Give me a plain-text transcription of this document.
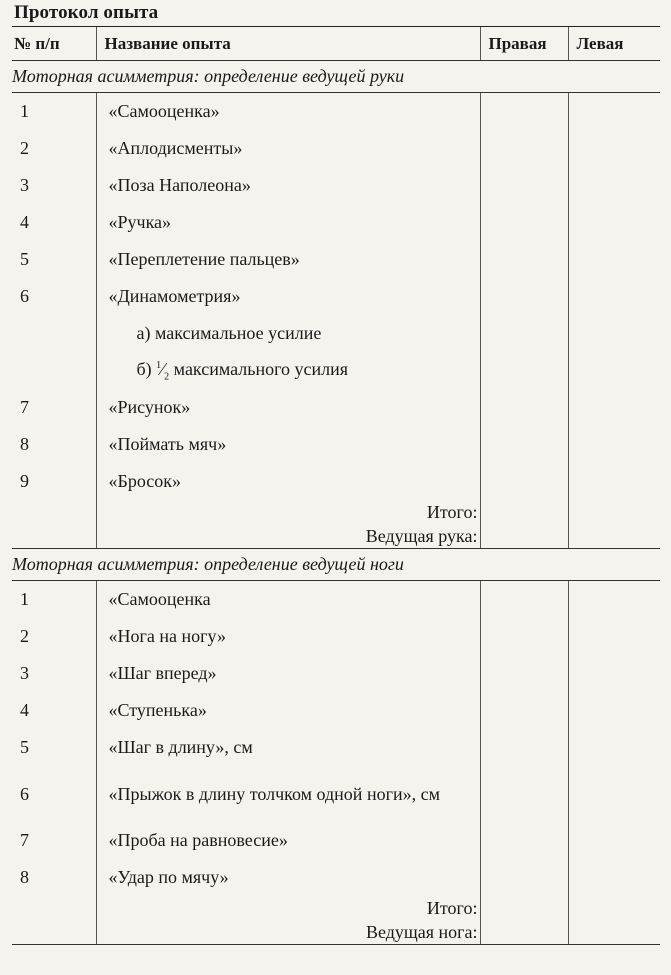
Протокол опыта
№ п/п	Название опыта	Правая	Левая
Моторная асимметрия: определение ведущей руки			
1	«Самооценка»		
2	«Аплодисменты»		
3	«Поза Наполеона»		
4	«Ручка»		
5	«Переплетение пальцев»		
6	«Динамометрия»		
	а) максимальное усилие		
	б) $^1⁄_2$ максимального усилия		
7	«Рисунок»		
8	«Поймать мяч»		
9	«Бросок»		
	Итого:		
	Ведущая рука:		
Моторная асимметрия: определение ведущей ноги			
1	«Самооценка		
2	«Нога на ногу»		
3	«Шаг вперед»		
4	«Ступенька»		
5	«Шаг в длину», см		
6	«Прыжок в длину толчком одной ноги», см		
7	«Проба на равновесие»		
8	«Удар по мячу»		
	Итого:		
	Ведущая нога:		
